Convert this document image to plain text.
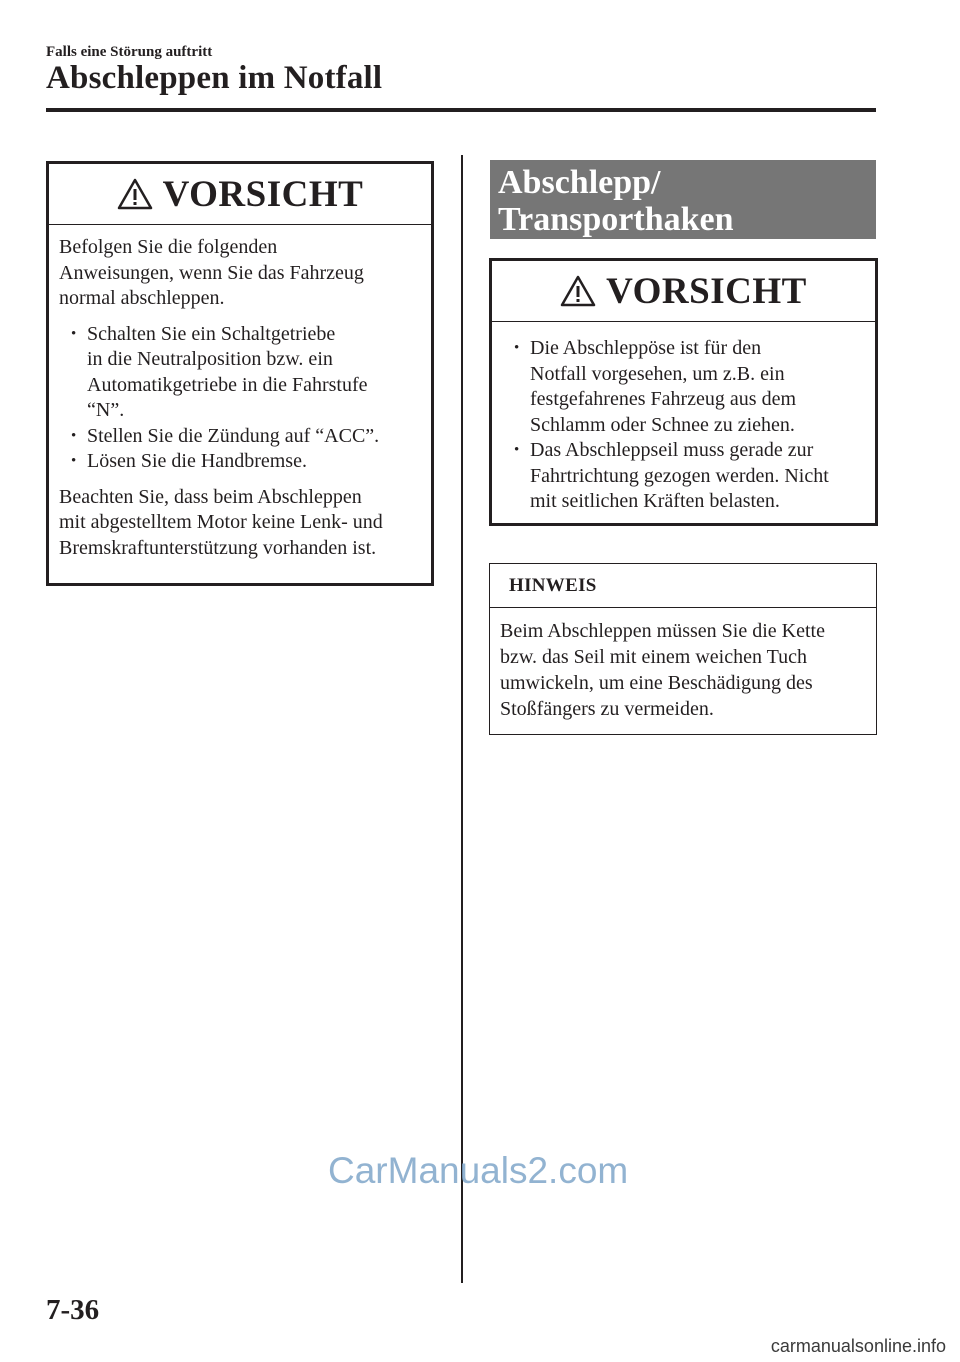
Falls eine Störung auftritt
Abschleppen im Notfall
VORSICHT

Befolgen Sie die folgenden
Anweisungen, wenn Sie das Fahrzeug
normal abschleppen.

• Schalten Sie ein Schaltgetriebe
in die Neutralposition bzw. ein
Automatikgetriebe in die Fahrstufe
“N”.
• Stellen Sie die Zündung auf “ACC”.
• Lösen Sie die Handbremse.

Beachten Sie, dass beim Abschleppen
mit abgestelltem Motor keine Lenk- und
Bremskraftunterstützung vorhanden ist.

Abschlepp/
Transporthaken
VORSICHT
• Die Abschleppöse ist für den
Notfall vorgesehen, um z.B. ein
festgefahrenes Fahrzeug aus dem
Schlamm oder Schnee zu ziehen.
• Das Abschleppseil muss gerade zur
Fahrtrichtung gezogen werden. Nicht
mit seitlichen Kräften belasten.
HINWEIS
Beim Abschleppen müssen Sie die Kette
bzw. das Seil mit einem weichen Tuch
umwickeln, um eine Beschädigung des
Stoßfängers zu vermeiden.
CarManuals2.com
7-36
carmanualsonline.info
